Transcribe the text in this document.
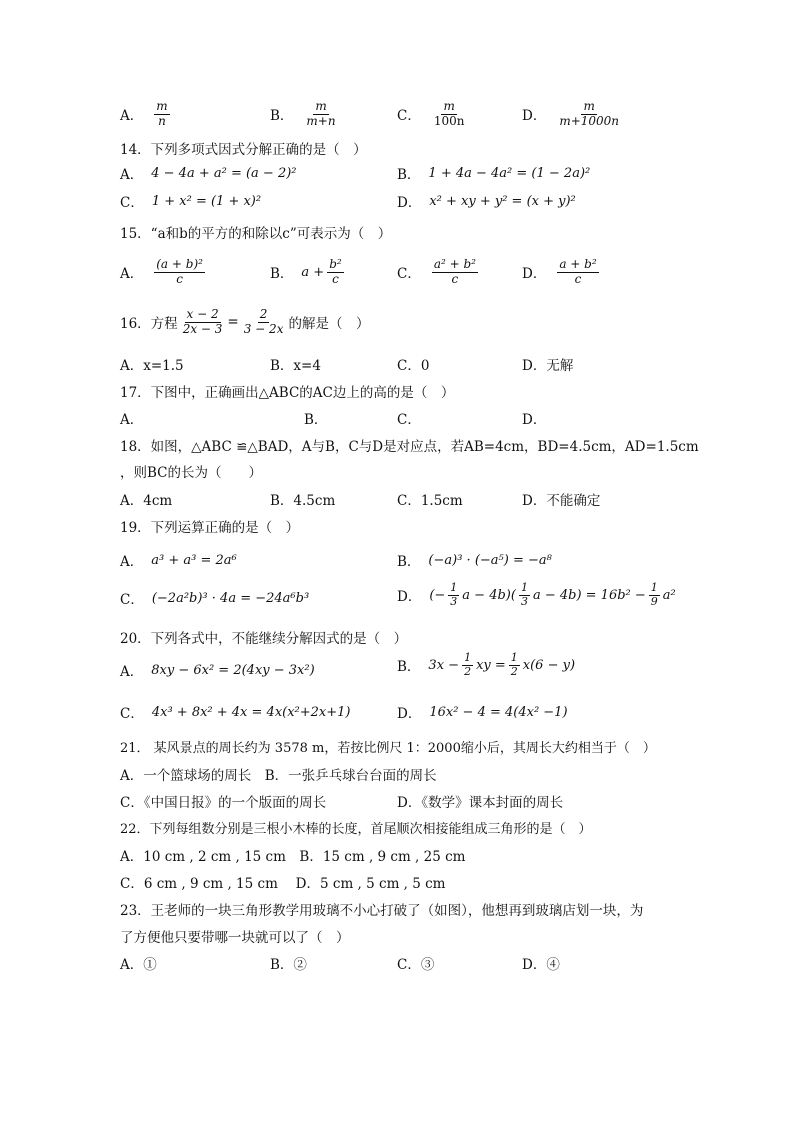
A． $\frac{m}{n}$	B． $\frac{m}{m+n}$	C． $\frac{m}{100n}$	D． $\frac{m}{m+1000n}$
14．下列多项式因式分解正确的是（　）
A． 4 − 4a + a² = (a − 2)²	B． 1 + 4a − 4a² = (1 − 2a)²
C． 1 + x² = (1 + x)²	D． x² + xy + y² = (x + y)²
15．“a和b的平方的和除以c”可表示为（　）
A． $\frac{\text{(a + b)²}}{c}$	B． $a + \frac{\text{b²}}{c}$	C． $\frac{\text{a² + b²}}{c}$	D． $\frac{\text{a + b²}}{c}$
16．方程 $\frac{x - 2}{2x - 3} = \frac{2}{3 - 2x}$ 的解是（　）
A．x=1.5	B．x=4	C．0	D．无解
17．下图中，正确画出△ABC的AC边上的高的是（　）
A．	B．	C．	D．
18．如图，△ABC ≌△BAD，A与B，C与D是对应点，若AB=4cm，BD=4.5cm，AD=1.5cm
，则BC的长为（　　）
A．4cm	B．4.5cm	C．1.5cm	D．不能确定
19．下列运算正确的是（　）
A． a³ + a³ = 2a⁶	B． (−a)³ · (−a⁵) = −a⁸
C． (−2a²b)³ · 4a = −24a⁶b³	D． (− $\frac{1}{3}$ $a - 4b)( \frac{1}{3}$ $a - 4b) = 16b^2 - \frac{1}{9} a^2$
20．下列各式中，不能继续分解因式的是（　）
A． 8xy − 6x² = 2(4xy − 3x²)	B． $3x - \frac{1}{2}$ xy = $\frac{1}{2} x(6 - y)$
C． 4x³ + 8x² + 4x = 4x(x²+2x+1)	D． 16x² − 4 = 4(4x² −1)
21． 某风景点的周长约为 3578 m，若按比例尺 1：2000缩小后，其周长大约相当于（　）
A．一个篮球场的周长　B．一张乒乓球台台面的周长
C．《中国日报》的一个版面的周长	D．《数学》课本封面的周长
22．下列每组数分别是三根小木棒的长度，首尾顺次相接能组成三角形的是（　）
A．10 cm , 2 cm , 15 cm　B．15 cm , 9 cm , 25 cm
C．6 cm , 9 cm , 15 cm　 D．5 cm , 5 cm , 5 cm
23．王老师的一块三角形教学用玻璃不小心打破了（如图），他想再到玻璃店划一块，为
了方便他只要带哪一块就可以了（　）
A．①	B．②	C．③	D．④
